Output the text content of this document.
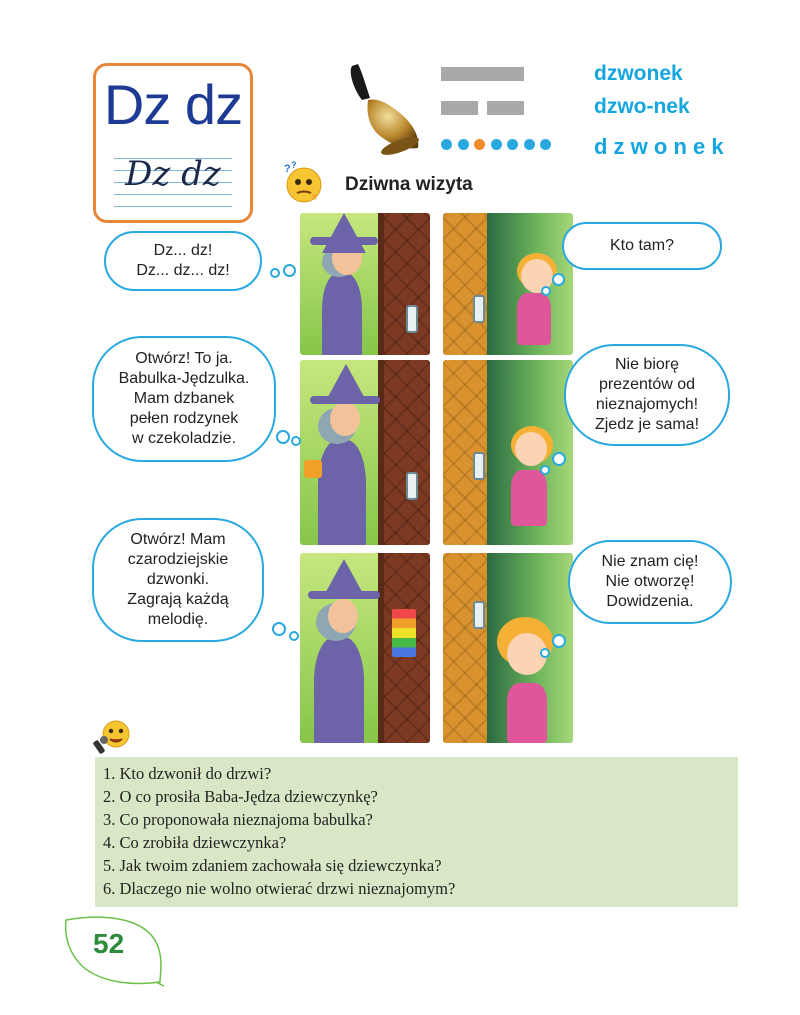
Dz dz
Dz dz
dzwonek
dzwo-nek
d z w o n e k
? ?
Dziwna wizyta
Dz... dz!
Dz... dz... dz!
Kto tam?
Otwórz! To ja.
Babulka-Jędzulka.
Mam dzbanek
pełen rodzynek
w czekoladzie.
Nie biorę
prezentów od
nieznajomych!
Zjedz je sama!
Otwórz! Mam
czarodziejskie
dzwonki.
Zagrają każdą
melodię.
Nie znam cię!
Nie otworzę!
Dowidzenia.
1. Kto dzwonił do drzwi?
2. O co prosiła Baba-Jędza dziewczynkę?
3. Co proponowała nieznajoma babulka?
4. Co zrobiła dziewczynka?
5. Jak twoim zdaniem zachowała się dziewczynka?
6. Dlaczego nie wolno otwierać drzwi nieznajomym?
52
